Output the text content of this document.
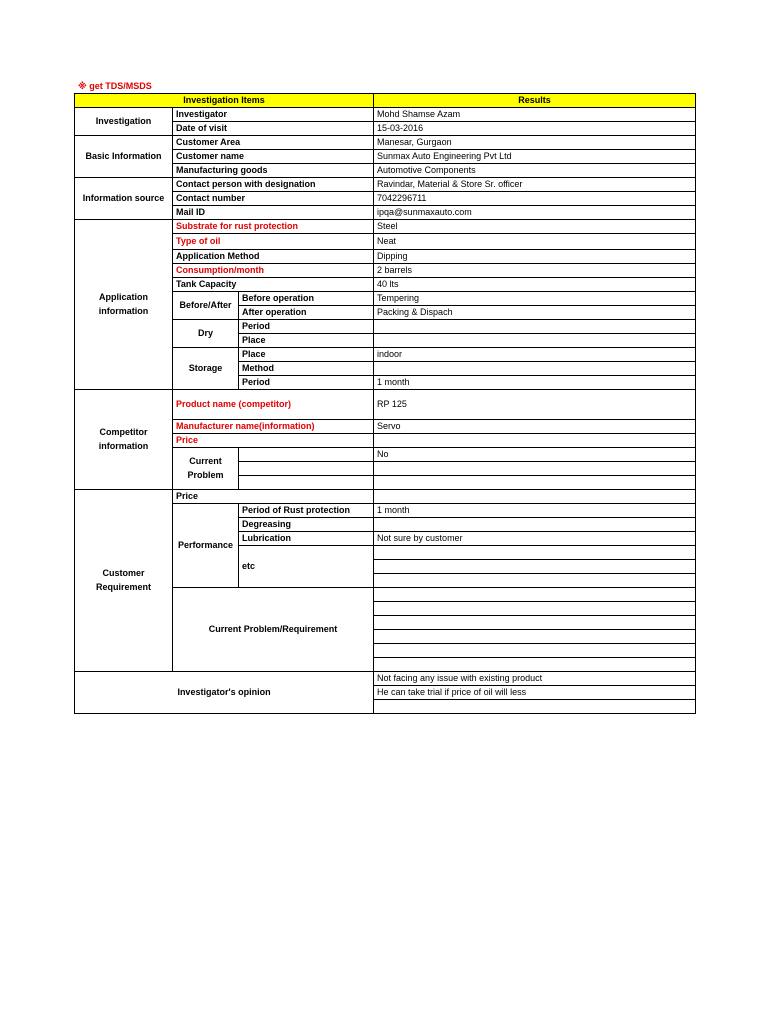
※ get TDS/MSDS
Investigation Items			Results
Investigation	Investigator		Mohd Shamse Azam
	Date of visit		15-03-2016
Basic Information	Customer Area		Manesar, Gurgaon
	Customer name		Sunmax Auto Engineering Pvt Ltd
	Manufacturing goods		Automotive Components
Information source	Contact person with designation		Ravindar, Material & Store Sr. officer
	Contact number		7042296711
	Mail ID		ipqa@sunmaxauto.com
Application
information	Substrate for rust protection		Steel
	Type of oil		Neat
	Application Method		Dipping
	Consumption/month		2 barrels
	Tank Capacity		40 lts
	Before/After	Before operation	Tempering
		After operation	Packing & Dispach
	Dry	Period	
		Place	
	Storage	Place	indoor
		Method	
		Period	1 month
Competitor
information	Product name (competitor)		RP 125
	Manufacturer name(information)		Servo
	Price		
	Current
Problem		No

Customer
Requirement	Price		
	Performance	Period of Rust protection	1 month
		Degreasing	
		Lubrication	Not sure by customer
		etc	

	Current Problem/Requirement		

Investigator's opinion			Not facing any issue with existing product
			He can take trial if price of oil will less
